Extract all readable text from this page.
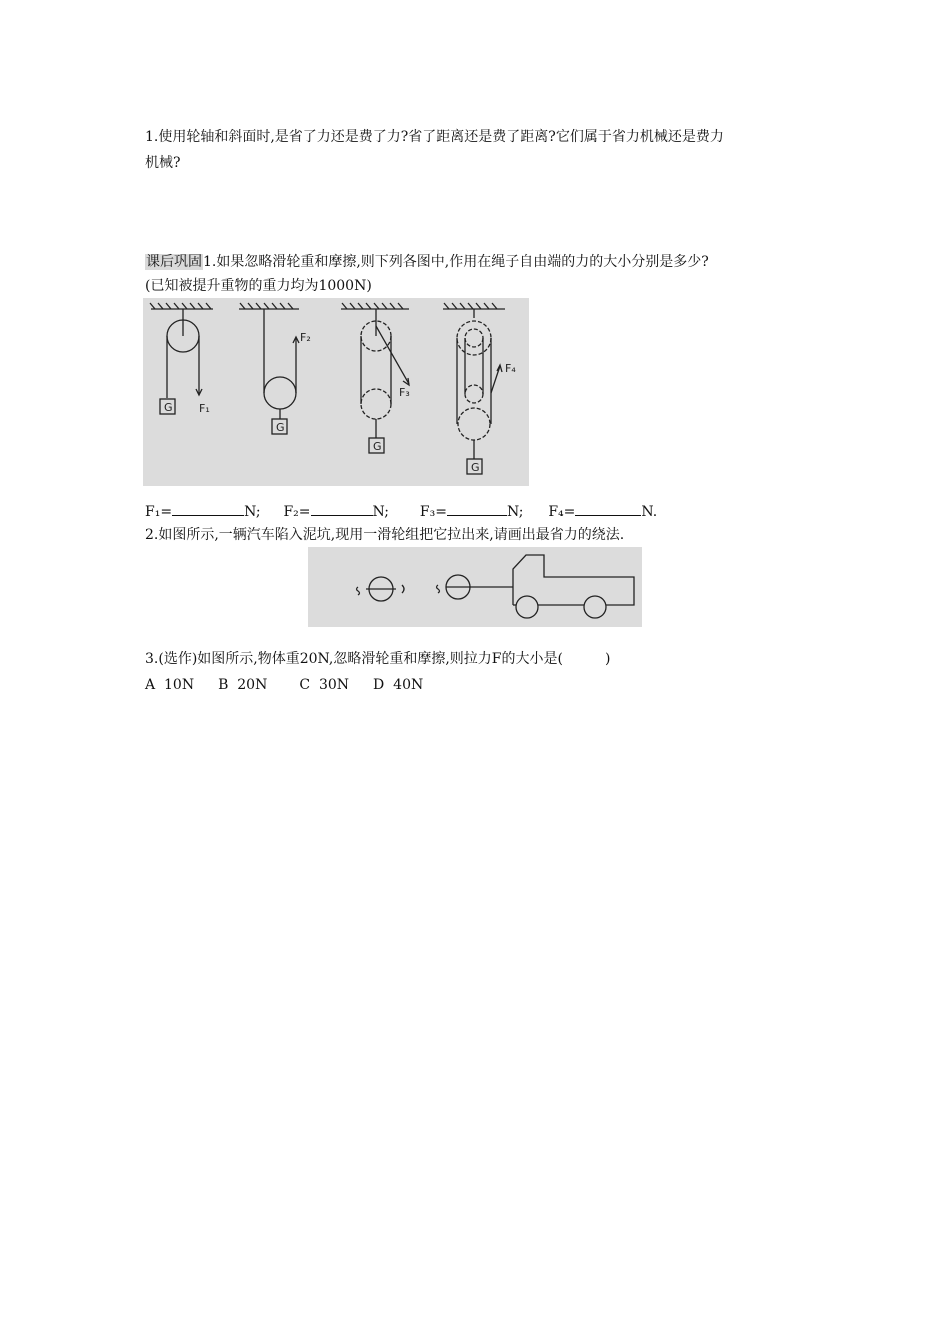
1.使用轮轴和斜面时,是省了力还是费了力?省了距离还是费了距离?它们属于省力机械还是费力
机械?
课后巩固1.如果忽略滑轮重和摩擦,则下列各图中,作用在绳子自由端的力的大小分别是多少?
(已知被提升重物的重力均为1000N)
G F₁
G
F₂
G
F₃
G
F₄
F₁=	N; F₂=	N; F₃=	N; F₄=	N.
2.如图所示,一辆汽车陷入泥坑,现用一滑轮组把它拉出来,请画出最省力的绕法.
3.(选作)如图所示,物体重20N,忽略滑轮重和摩擦,则拉力F的大小是(　　　)
A  10N B  20N C  30N D  40N
